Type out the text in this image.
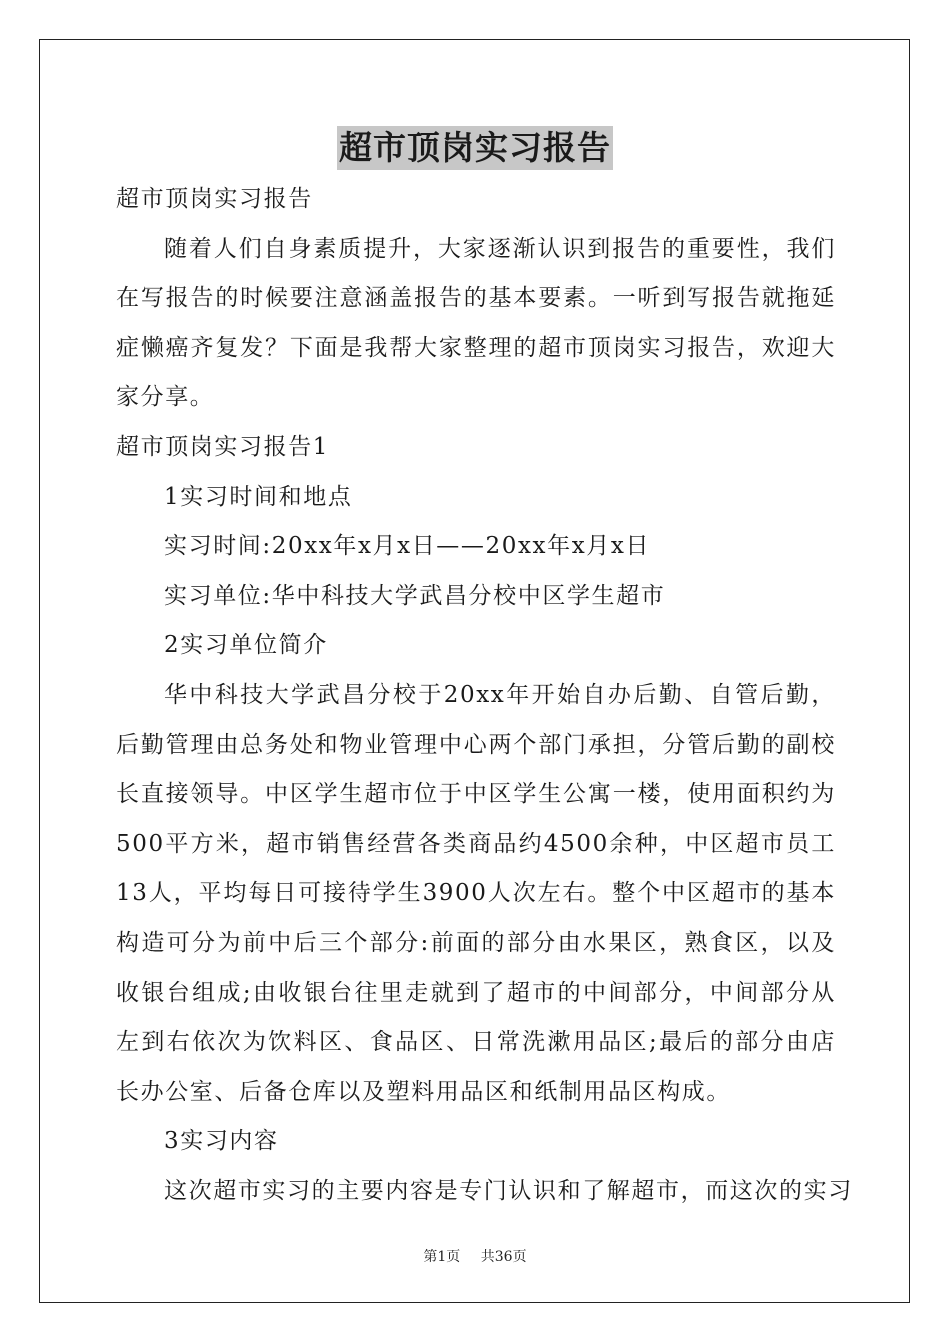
超市顶岗实习报告

超市顶岗实习报告

随着人们自身素质提升，大家逐渐认识到报告的重要性，我们在写报告的时候要注意涵盖报告的基本要素。一听到写报告就拖延症懒癌齐复发？下面是我帮大家整理的超市顶岗实习报告，欢迎大家分享。

超市顶岗实习报告1

1实习时间和地点

实习时间:20xx年x月x日——20xx年x月x日

实习单位:华中科技大学武昌分校中区学生超市

2实习单位简介

华中科技大学武昌分校于20xx年开始自办后勤、自管后勤，后勤管理由总务处和物业管理中心两个部门承担，分管后勤的副校长直接领导。中区学生超市位于中区学生公寓一楼，使用面积约为500平方米，超市销售经营各类商品约4500余种，中区超市员工13人，平均每日可接待学生3900人次左右。整个中区超市的基本构造可分为前中后三个部分:前面的部分由水果区，熟食区，以及收银台组成;由收银台往里走就到了超市的中间部分，中间部分从左到右依次为饮料区、食品区、日常洗漱用品区;最后的部分由店长办公室、后备仓库以及塑料用品区和纸制用品区构成。

3实习内容

这次超市实习的主要内容是专门认识和了解超市，而这次的实习

第1页 共36页
